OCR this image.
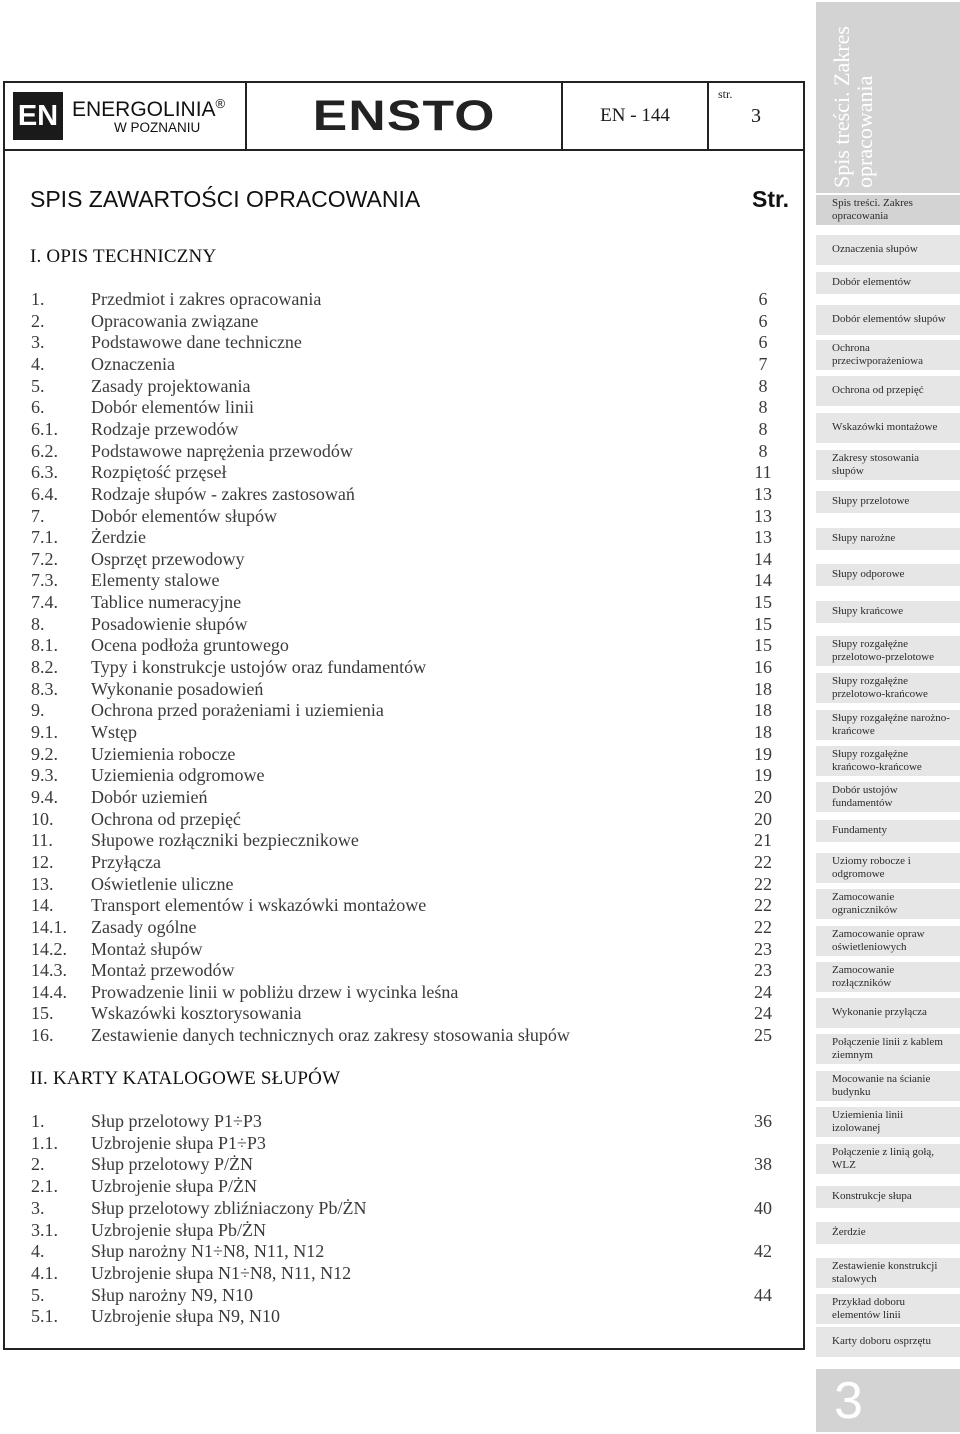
EN ENERGOLINIA®
W POZNANIU	ENSTO	EN - 144
str.
3
SPIS ZAWARTOŚCI OPRACOWANIA	Str.
I. OPIS TECHNICZNY
1.	Przedmiot i zakres opracowania	6
2.	Opracowania związane	6
3.	Podstawowe dane techniczne	6
4.	Oznaczenia	7
5.	Zasady projektowania	8
6.	Dobór elementów linii	8
6.1. Rodzaje przewodów	8
6.2. Podstawowe naprężenia przewodów	8
6.3. Rozpiętość przęseł	11
6.4. Rodzaje słupów - zakres zastosowań	13
7.	Dobór elementów słupów	13
7.1. Żerdzie	13
7.2. Osprzęt przewodowy	14
7.3. Elementy stalowe	14
7.4. Tablice numeracyjne	15
8.	Posadowienie słupów	15
8.1. Ocena podłoża gruntowego	15
8.2. Typy i konstrukcje ustojów oraz fundamentów	16
8.3. Wykonanie posadowień	18
9.	Ochrona przed porażeniami i uziemienia	18
9.1. Wstęp	18
9.2. Uziemienia robocze	19
9.3. Uziemienia odgromowe	19
9.4. Dobór uziemień	20
10. Ochrona od przepięć	20
11. Słupowe rozłączniki bezpiecznikowe	21
12. Przyłącza	22
13. Oświetlenie uliczne	22
14. Transport elementów i wskazówki montażowe	22
14.1. Zasady ogólne	22
14.2. Montaż słupów	23
14.3. Montaż przewodów	23
14.4. Prowadzenie linii w pobliżu drzew i wycinka leśna	24
15. Wskazówki kosztorysowania	24
16. Zestawienie danych technicznych oraz zakresy stosowania słupów	25
II. KARTY KATALOGOWE SŁUPÓW
1.	Słup przelotowy P1÷P3	36
1.1. Uzbrojenie słupa P1÷P3
2.	Słup przelotowy P/ŻN	38
2.1. Uzbrojenie słupa P/ŻN
3.	Słup przelotowy zbliźniaczony Pb/ŻN	40
3.1. Uzbrojenie słupa Pb/ŻN
4.	Słup narożny N1÷N8, N11, N12	42
4.1. Uzbrojenie słupa N1÷N8, N11, N12
5.	Słup narożny N9, N10	44
5.1. Uzbrojenie słupa N9, N10
Spis treści. Zakres opracowania
Spis treści. Zakres opracowania
Oznaczenia słupów
Dobór elementów
Dobór elementów słupów
Ochrona przeciwporażeniowa
Ochrona od przepięć
Wskazówki montażowe
Zakresy stosowania słupów
Słupy przelotowe
Słupy narożne
Słupy odporowe
Słupy krańcowe
Słupy rozgałęźne przelotowo-przelotowe
Słupy rozgałęźne przelotowo-krańcowe
Słupy rozgałęźne narożno-krańcowe
Słupy rozgałęźne krańcowo-krańcowe
Dobór ustojów fundamentów
Fundamenty
Uziomy robocze i odgromowe
Zamocowanie ograniczników
Zamocowanie opraw oświetleniowych
Zamocowanie rozłączników
Wykonanie przyłącza
Połączenie linii z kablem ziemnym
Mocowanie na ścianie budynku
Uziemienia linii izolowanej
Połączenie z linią gołą, WLZ
Konstrukcje słupa
Żerdzie
Zestawienie konstrukcji stalowych
Przykład doboru elementów linii
Karty doboru osprzętu
3
